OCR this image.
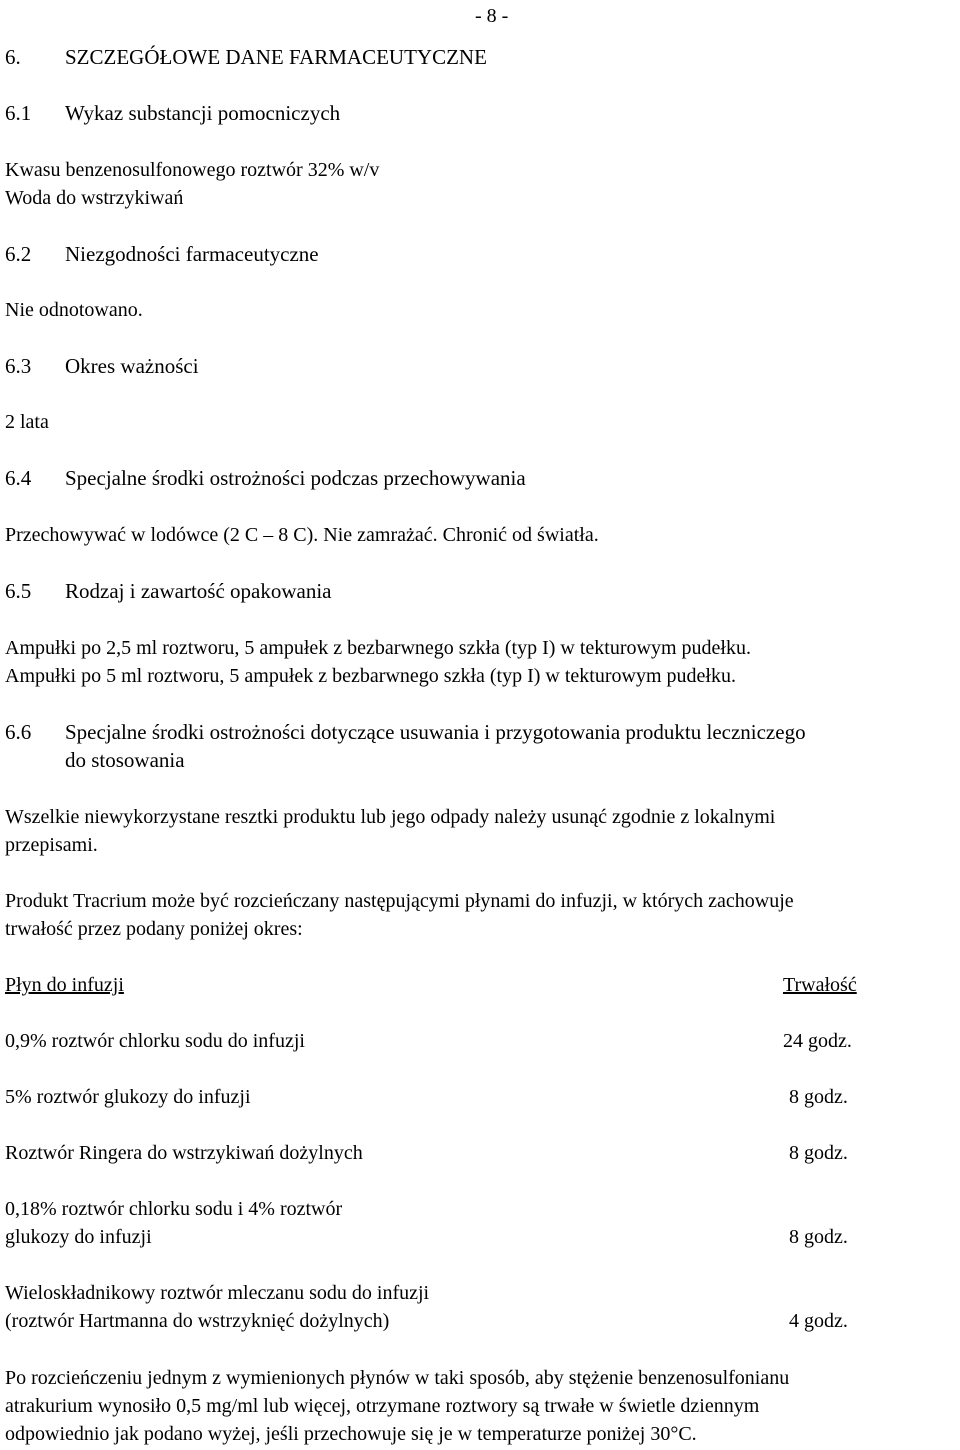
- 8 -
6. SZCZEGÓŁOWE DANE FARMACEUTYCZNE
6.1 Wykaz substancji pomocniczych
Kwasu benzenosulfonowego roztwór 32% w/v
Woda do wstrzykiwań
6.2 Niezgodności farmaceutyczne
Nie odnotowano.
6.3 Okres ważności
2 lata
6.4 Specjalne środki ostrożności podczas przechowywania
Przechowywać w lodówce (2 C – 8 C). Nie zamrażać. Chronić od światła.
6.5 Rodzaj i zawartość opakowania
Ampułki po 2,5 ml roztworu, 5 ampułek z bezbarwnego szkła (typ I) w tekturowym pudełku.
Ampułki po 5 ml roztworu, 5 ampułek z bezbarwnego szkła (typ I) w tekturowym pudełku.
6.6 Specjalne środki ostrożności dotyczące usuwania i przygotowania produktu leczniczego
do stosowania
Wszelkie niewykorzystane resztki produktu lub jego odpady należy usunąć zgodnie z lokalnymi
przepisami.
Produkt Tracrium może być rozcieńczany następującymi płynami do infuzji, w których zachowuje
trwałość przez podany poniżej okres:
Płyn do infuzji	Trwałość
0,9% roztwór chlorku sodu do infuzji	24 godz.
5% roztwór glukozy do infuzji	8 godz.
Roztwór Ringera do wstrzykiwań dożylnych	8 godz.
0,18% roztwór chlorku sodu i 4% roztwór
glukozy do infuzji	8 godz.
Wieloskładnikowy roztwór mleczanu sodu do infuzji
(roztwór Hartmanna do wstrzyknięć dożylnych)	4 godz.
Po rozcieńczeniu jednym z wymienionych płynów w taki sposób, aby stężenie benzenosulfonianu
atrakurium wynosiło 0,5 mg/ml lub więcej, otrzymane roztwory są trwałe w świetle dziennym
odpowiednio jak podano wyżej, jeśli przechowuje się je w temperaturze poniżej 30°C.
